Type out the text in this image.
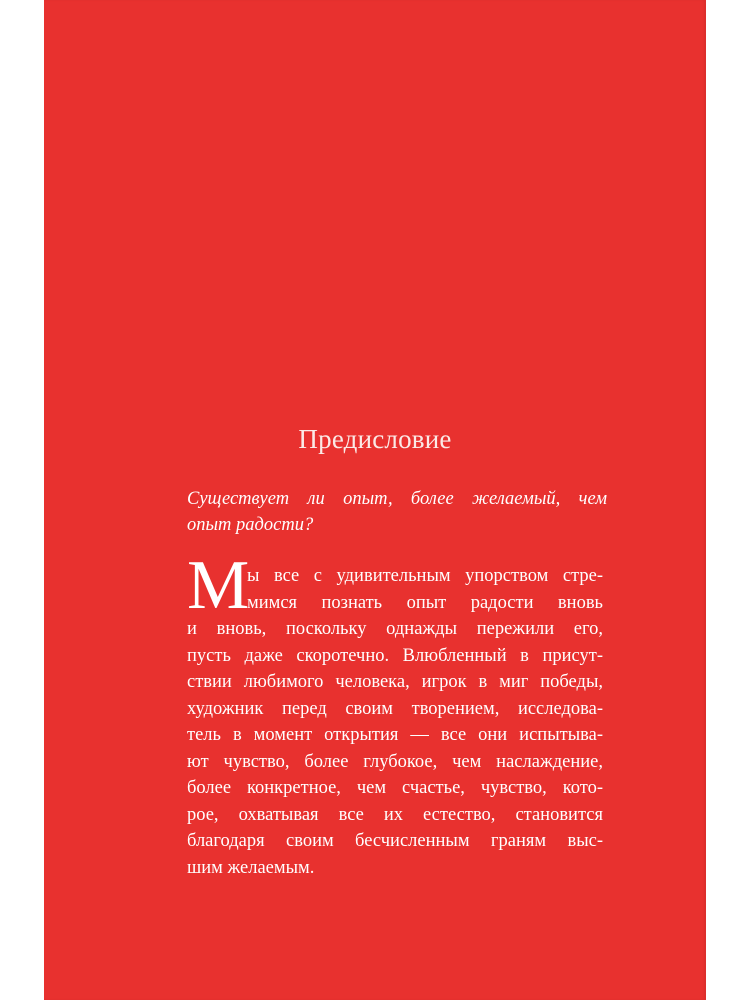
Предисловие

Существует ли опыт, более желаемый, чем
опыт радости?

М

ы все с удивительным упорством стре-
мимся познать опыт радости вновь
и вновь, поскольку однажды пережили его,
пусть даже скоротечно. Влюбленный в присут-
ствии любимого человека, игрок в миг победы,
художник перед своим творением, исследова-
тель в момент открытия — все они испытыва-
ют чувство, более глубокое, чем наслаждение,
более конкретное, чем счастье, чувство, кото-
рое, охватывая все их естество, становится
благодаря своим бесчисленным граням выс-
шим желаемым.
